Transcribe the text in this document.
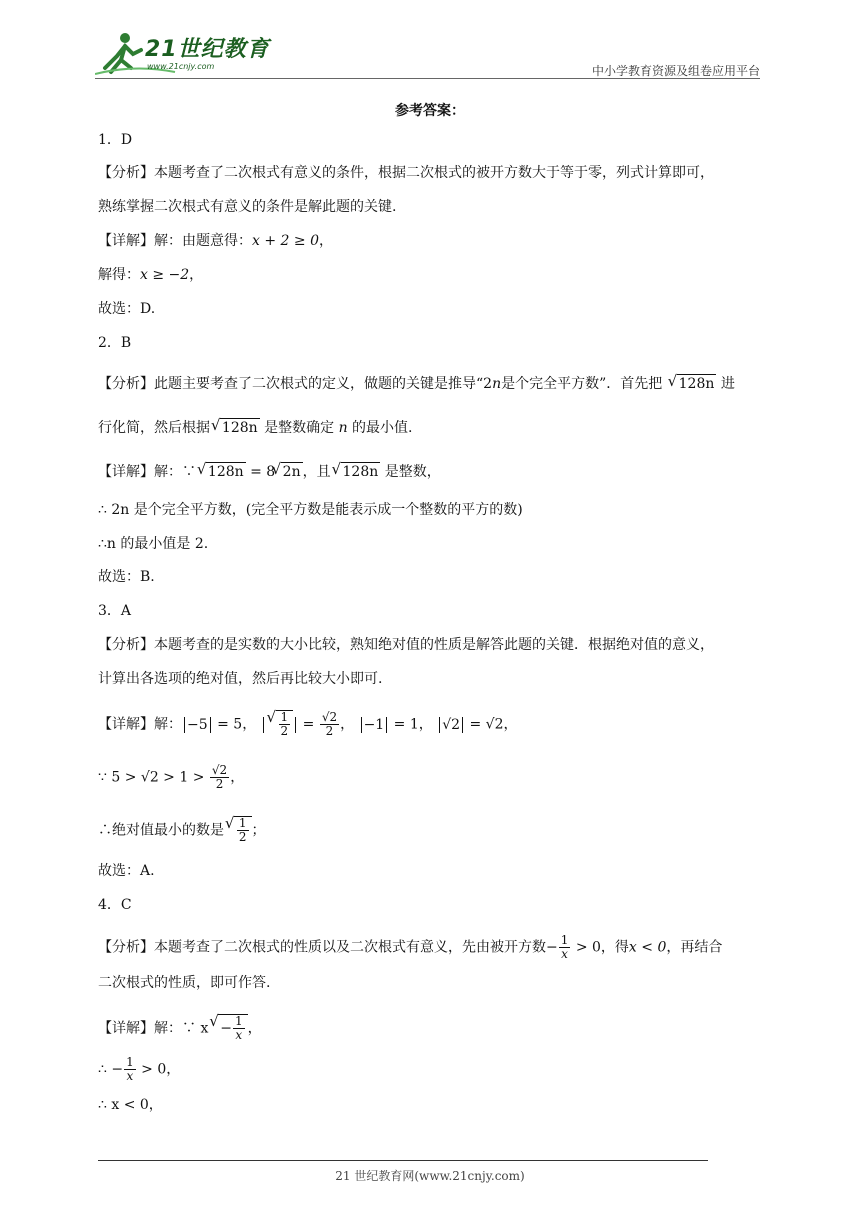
21世纪教育
www.21cnjy.com	中小学教育资源及组卷应用平台
参考答案：
1．D
【分析】本题考查了二次根式有意义的条件，根据二次根式的被开方数大于等于零，列式计算即可，
熟练掌握二次根式有意义的条件是解此题的关键.
【详解】解：由题意得：x + 2 ≥ 0，
解得：x ≥ −2，
故选：D.
2．B
【分析】此题主要考查了二次根式的定义，做题的关键是推导“2n是个完全平方数”．首先把 √ 128n 进
行化简，然后根据 √ 128n 是整数确定 n 的最小值.
【详解】解：∵ √ 128n = 8 √ 2n ，且 √ 128n 是整数，
∴ 2n 是个完全平方数，(完全平方数是能表示成一个整数的平方的数)
∴n 的最小值是 2.
故选：B.
3．A
【分析】本题考查的是实数的大小比较，熟知绝对值的性质是解答此题的关键．根据绝对值的意义，
计算出各选项的绝对值，然后再比较大小即可.
【详解】解： −5 = 5， √ $\frac{1}{2} = \frac{√2}{2}$ ， −1 = 1， √2 = √2，
∵ $5 > √2 > 1 > \frac{√2}{2}$ ，
∴绝对值最小的数是 √ $\frac{1}{2}$ ；
故选：A.
4．C
【分析】本题考查了二次根式的性质以及二次根式有意义，先由被开方数− $\frac{1}{x} > 0$，得x < 0，再结合
二次根式的性质，即可作答.
【详解】解：∵ x √ − $\frac{1}{x}$ ，
∴ − $\frac{1}{x} > 0$，
∴ x < 0，
21 世纪教育网(www.21cnjy.com)
